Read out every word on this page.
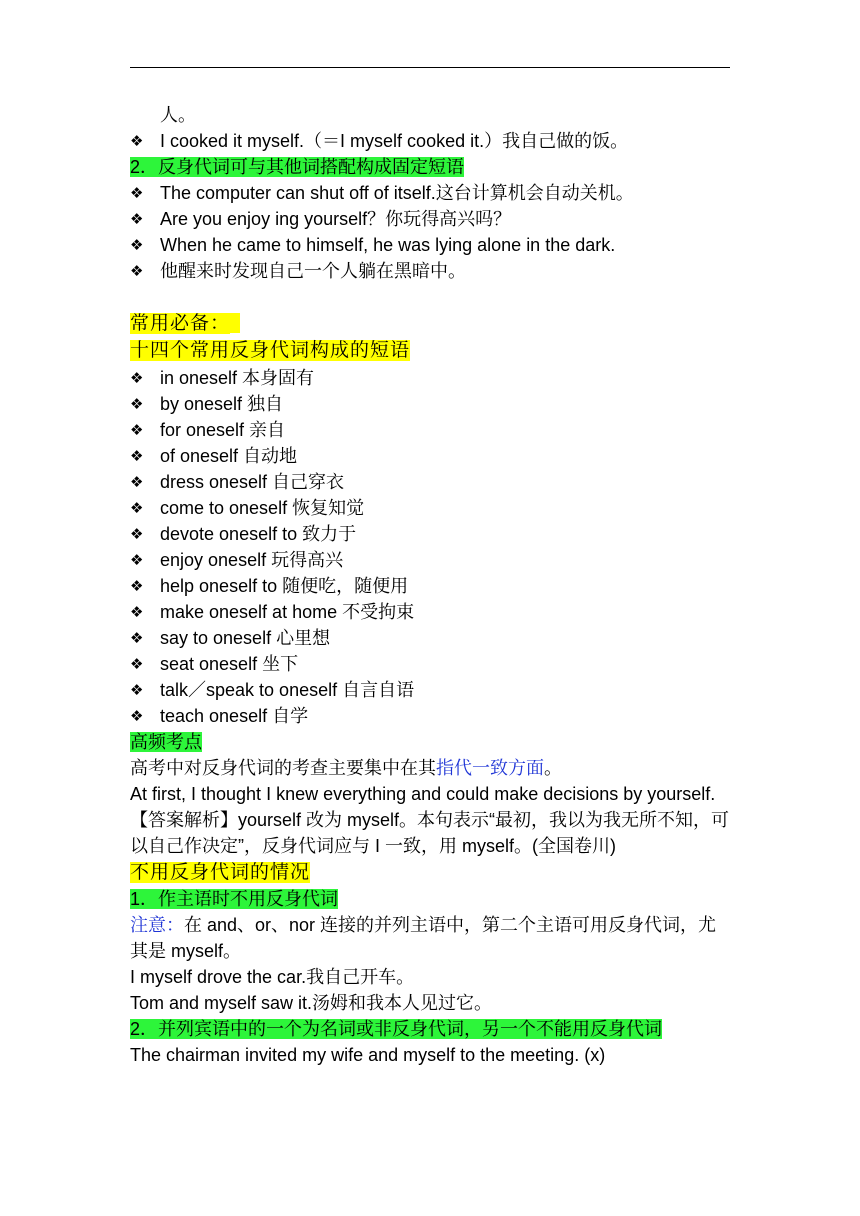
人。
❖ I cooked it myself.（＝I myself cooked it.）我自己做的饭。
2．反身代词可与其他词搭配构成固定短语
❖ The computer can shut off of itself.这台计算机会自动关机。
❖ Are you enjoy ing yourself？你玩得高兴吗？
❖ When he came to himself, he was lying alone in the dark.
❖ 他醒来时发现自己一个人躺在黑暗中。
常用必备：
十四个常用反身代词构成的短语
❖ in oneself 本身固有
❖ by oneself 独自
❖ for oneself 亲自
❖ of oneself 自动地
❖ dress oneself 自己穿衣
❖ come to oneself 恢复知觉
❖ devote oneself to 致力于
❖ enjoy oneself 玩得高兴
❖ help oneself to 随便吃，随便用
❖ make oneself at home 不受拘束
❖ say to oneself 心里想
❖ seat oneself 坐下
❖ talk／speak to oneself 自言自语
❖ teach oneself 自学
高频考点
高考中对反身代词的考查主要集中在其指代一致方面。
At first, I thought I knew everything and could make decisions by yourself.
【答案解析】yourself 改为 myself。本句表示“最初，我以为我无所不知，可以自己作决定”，反身代词应与 I 一致，用 myself。(全国卷川)
不用反身代词的情况
1．作主语时不用反身代词
注意：在 and、or、nor 连接的并列主语中，第二个主语可用反身代词，尤其是 myself。
I myself drove the car.我自己开车。
Tom and myself saw it.汤姆和我本人见过它。
2．并列宾语中的一个为名词或非反身代词，另一个不能用反身代词
The chairman invited my wife and myself to the meeting. (x)
